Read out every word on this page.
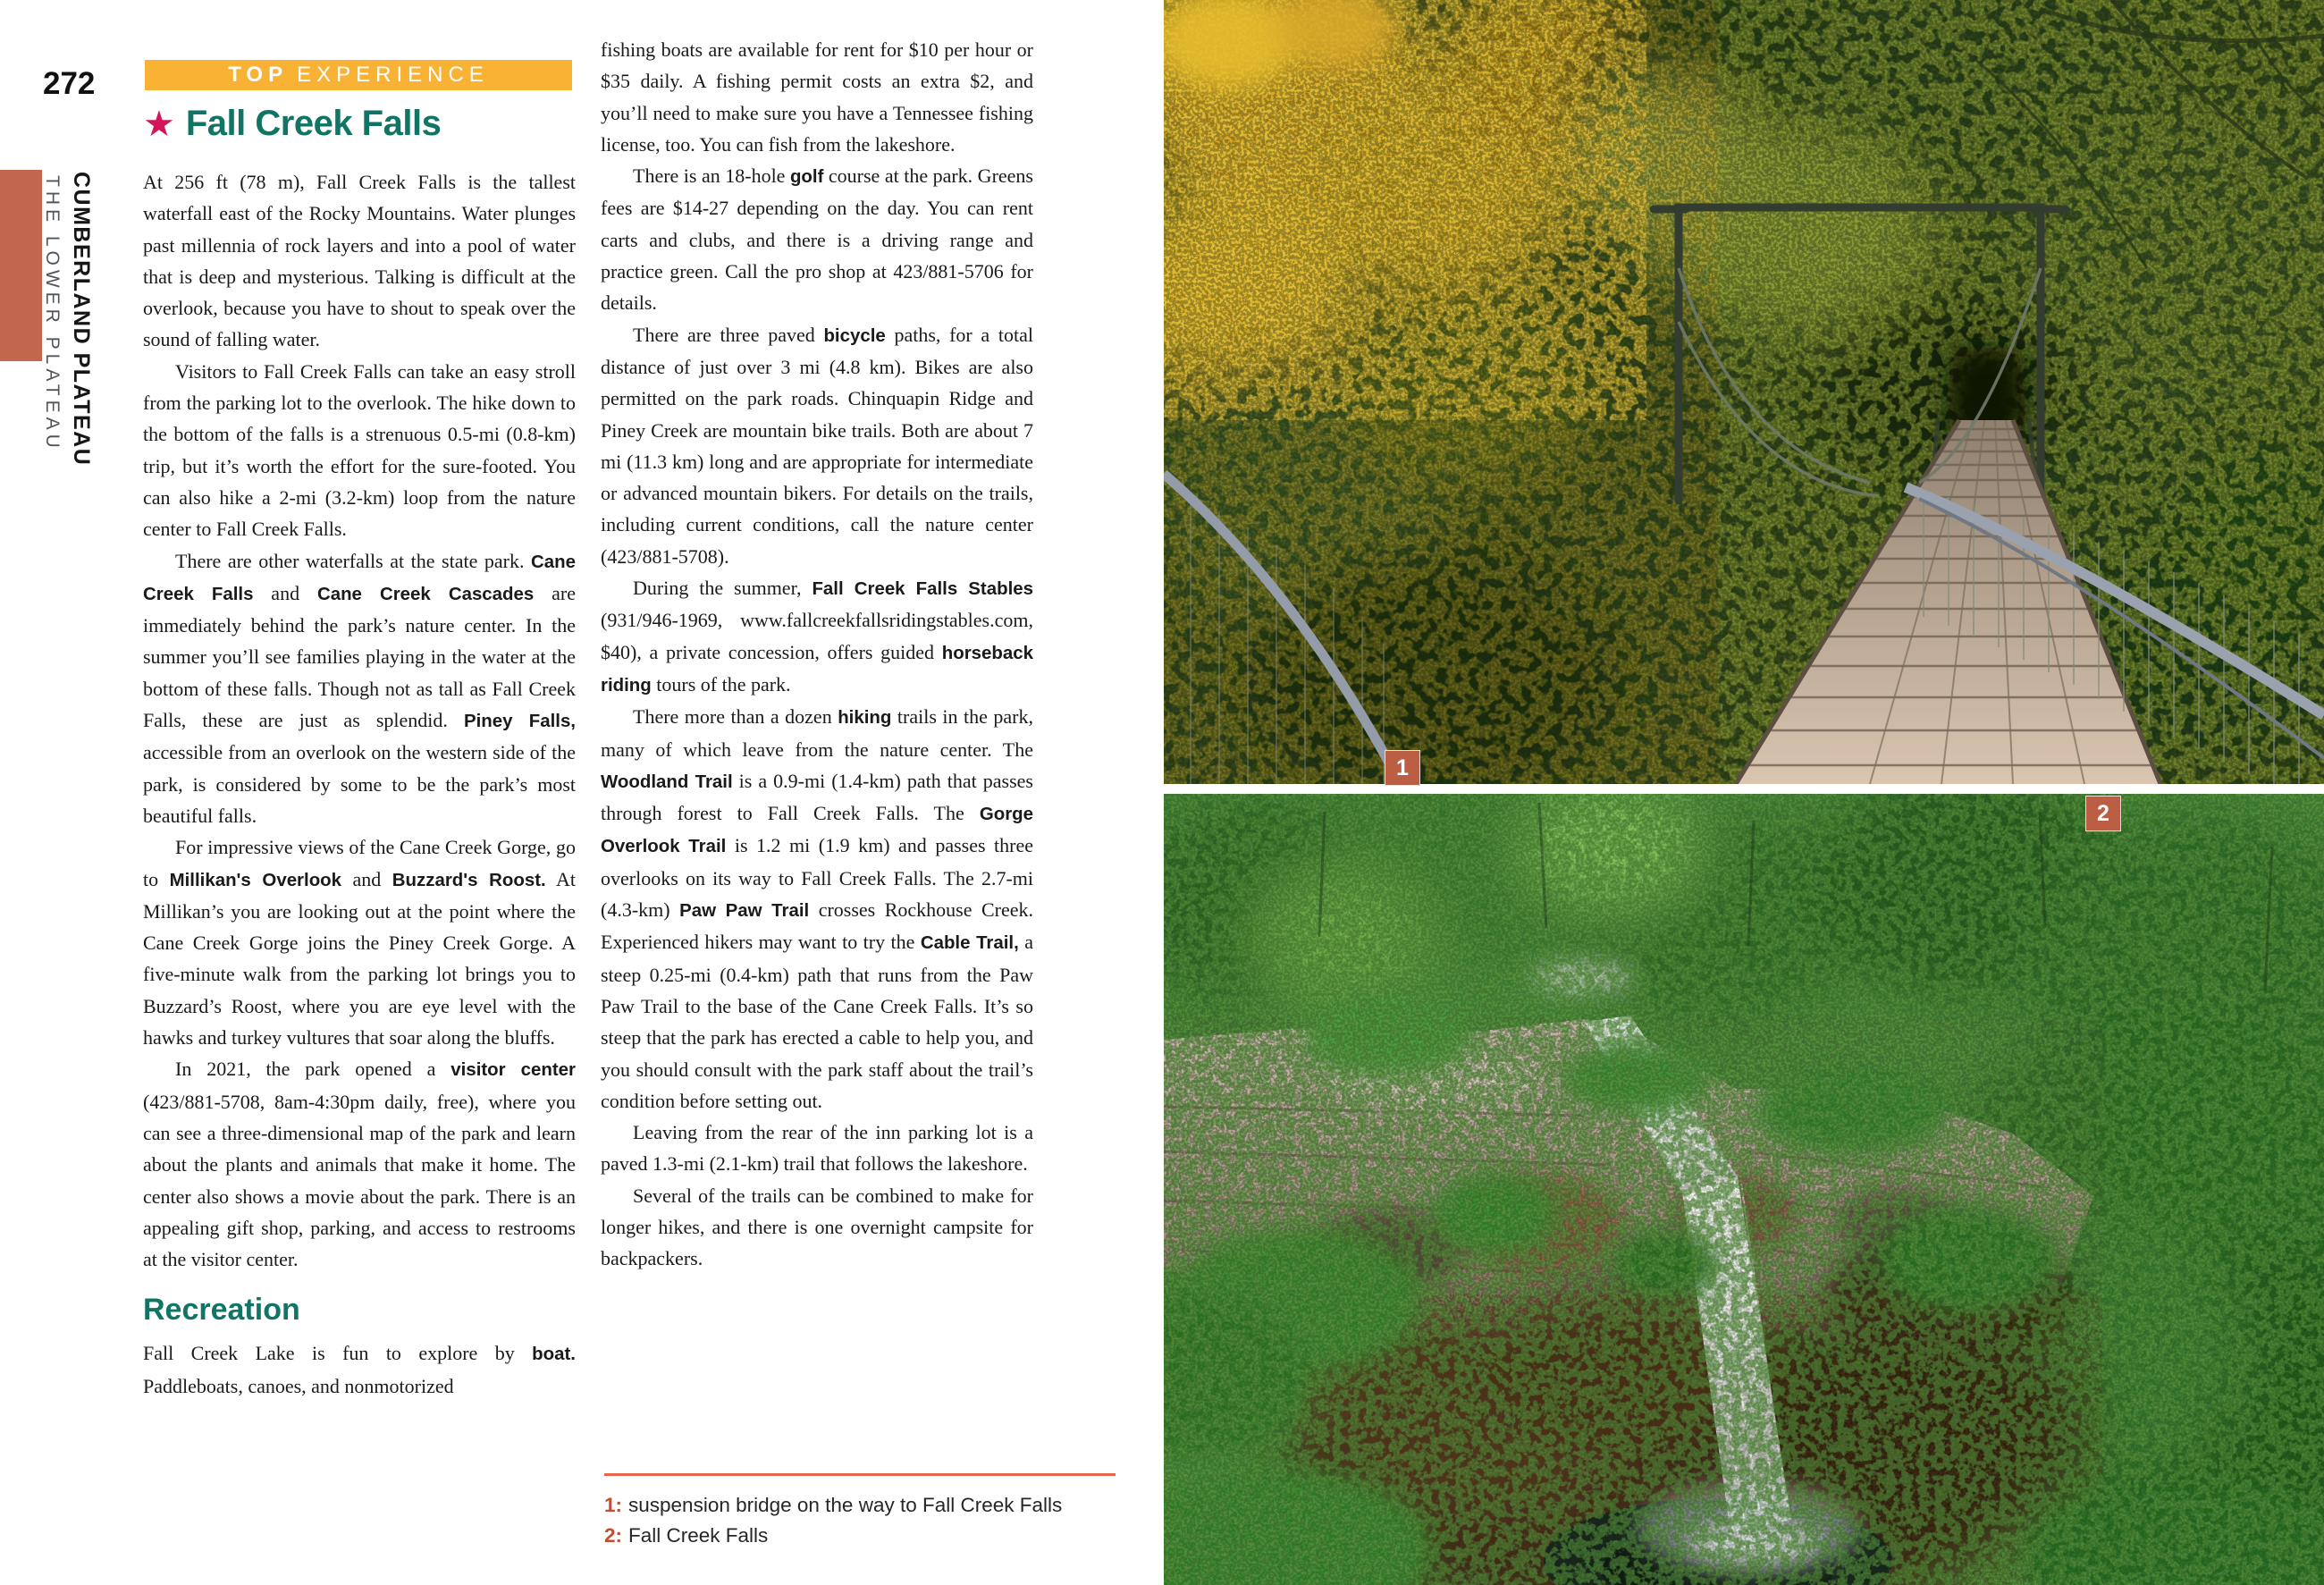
272
CUMBERLAND PLATEAU
THE LOWER PLATEAU
TOP EXPERIENCE
★ Fall Creek Falls

At 256 ft (78 m), Fall Creek Falls is the tallest waterfall east of the Rocky Mountains. Water plunges past millennia of rock layers and into a pool of water that is deep and mysterious. Talking is difficult at the overlook, because you have to shout to speak over the sound of falling water.

Visitors to Fall Creek Falls can take an easy stroll from the parking lot to the overlook. The hike down to the bottom of the falls is a strenuous 0.5-mi (0.8-km) trip, but it’s worth the effort for the sure-footed. You can also hike a 2-mi (3.2-km) loop from the nature center to Fall Creek Falls.

There are other waterfalls at the state park. Cane Creek Falls and Cane Creek Cascades are immediately behind the park’s nature center. In the summer you’ll see families playing in the water at the bottom of these falls. Though not as tall as Fall Creek Falls, these are just as splendid. Piney Falls, accessible from an overlook on the western side of the park, is considered by some to be the park’s most beautiful falls.

For impressive views of the Cane Creek Gorge, go to Millikan's Overlook and Buzzard's Roost. At Millikan’s you are looking out at the point where the Cane Creek Gorge joins the Piney Creek Gorge. A five-minute walk from the parking lot brings you to Buzzard’s Roost, where you are eye level with the hawks and turkey vultures that soar along the bluffs.

In 2021, the park opened a visitor center (423/881-5708, 8am-4:30pm daily, free), where you can see a three-dimensional map of the park and learn about the plants and animals that make it home. The center also shows a movie about the park. There is an appealing gift shop, parking, and access to restrooms at the visitor center.

Recreation

Fall Creek Lake is fun to explore by boat. Paddleboats, canoes, and nonmotorized

fishing boats are available for rent for $10 per hour or $35 daily. A fishing permit costs an extra $2, and you’ll need to make sure you have a Tennessee fishing license, too. You can fish from the lakeshore.

There is an 18-hole golf course at the park. Greens fees are $14-27 depending on the day. You can rent carts and clubs, and there is a driving range and practice green. Call the pro shop at 423/881-5706 for details.

There are three paved bicycle paths, for a total distance of just over 3 mi (4.8 km). Bikes are also permitted on the park roads. Chinquapin Ridge and Piney Creek are mountain bike trails. Both are about 7 mi (11.3 km) long and are appropriate for intermediate or advanced mountain bikers. For details on the trails, including current conditions, call the nature center (423/881-5708).

During the summer, Fall Creek Falls Stables (931/946-1969, www.fallcreekfallsridingstables.com, $40), a private concession, offers guided horseback riding tours of the park.

There more than a dozen hiking trails in the park, many of which leave from the nature center. The Woodland Trail is a 0.9-mi (1.4-km) path that passes through forest to Fall Creek Falls. The Gorge Overlook Trail is 1.2 mi (1.9 km) and passes three overlooks on its way to Fall Creek Falls. The 2.7-mi (4.3-km) Paw Paw Trail crosses Rockhouse Creek. Experienced hikers may want to try the Cable Trail, a steep 0.25-mi (0.4-km) path that runs from the Paw Paw Trail to the base of the Cane Creek Falls. It’s so steep that the park has erected a cable to help you, and you should consult with the park staff about the trail’s condition before setting out.

Leaving from the rear of the inn parking lot is a paved 1.3-mi (2.1-km) trail that follows the lakeshore.

Several of the trails can be combined to make for longer hikes, and there is one overnight campsite for backpackers.

1: suspension bridge on the way to Fall Creek Falls
2: Fall Creek Falls
1
2
